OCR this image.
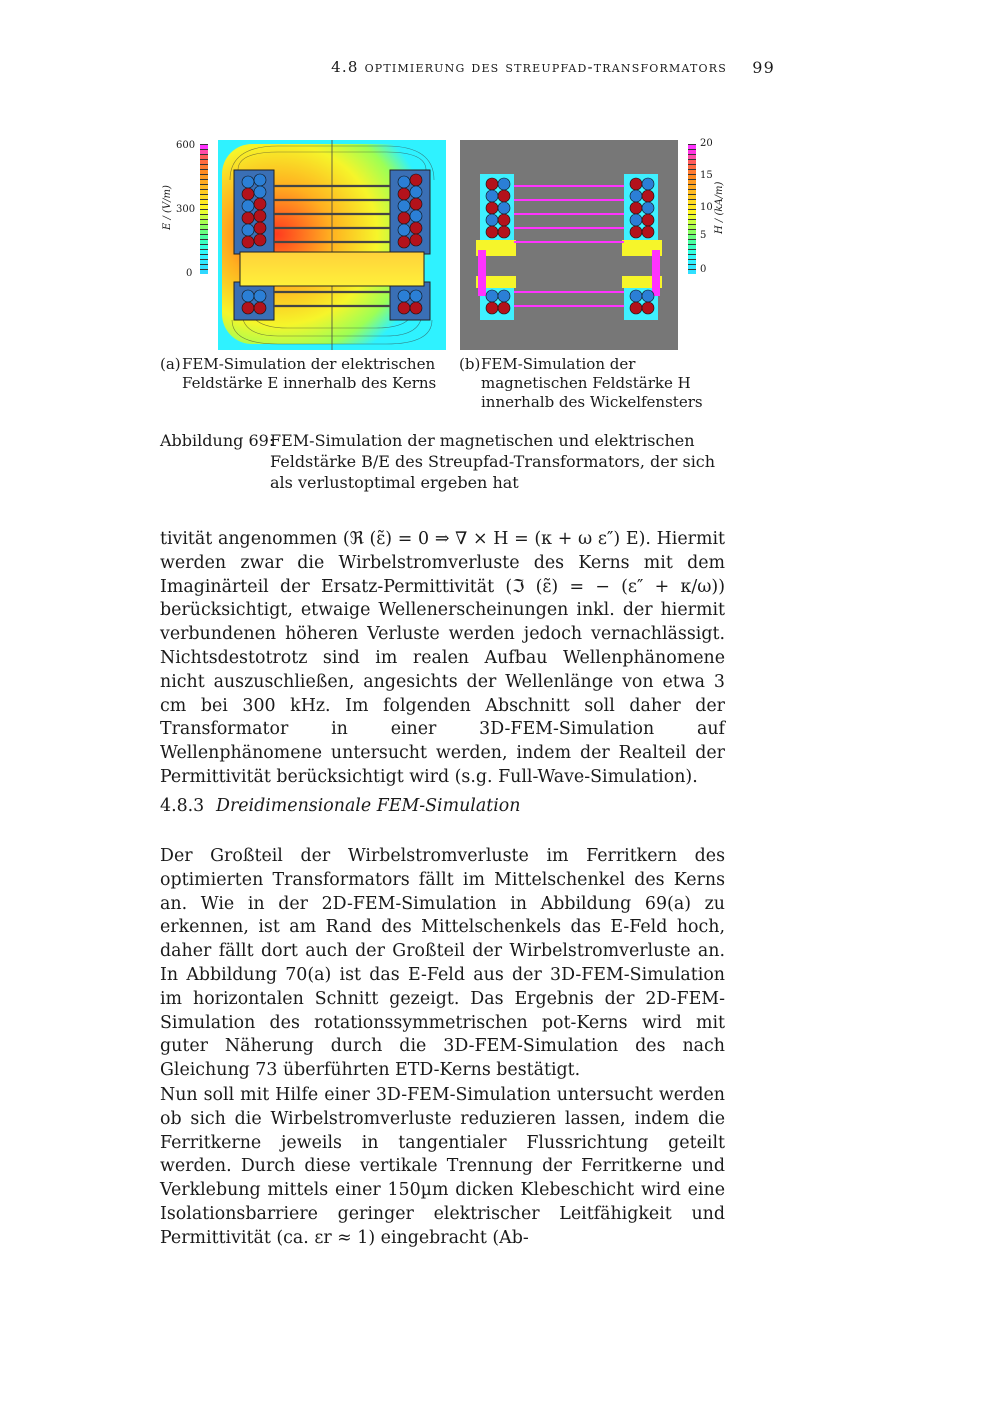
4.8 optimierung des streupfad-transformators 99
E / (V/m)
600
300
0
20
15
10
5
0
H / (kA/m)
(a) FEM-Simulation der elektrischen Feldstärke E innerhalb des Kerns
(b) FEM-Simulation der magnetischen Feldstärke H innerhalb des Wickelfensters
Abbildung 69:
FEM-Simulation der magnetischen und elektrischen Feldstärke B/E des Streupfad-Transformators, der sich als verlustoptimal ergeben hat

tivität angenommen (ℜ (ε̃) = 0 ⇒ ∇ × H = (κ + ω ε″) E). Hiermit werden zwar die Wirbelstromverluste des Kerns mit dem Imaginärteil der Ersatz-Permittivität (ℑ (ε̃) = − (ε″ + κ/ω)) berücksichtigt, etwaige Wellenerscheinungen inkl. der hiermit verbundenen höheren Verluste werden jedoch vernachlässigt. Nichtsdestotrotz sind im realen Aufbau Wellenphänomene nicht auszuschließen, angesichts der Wellenlänge von etwa 3 cm bei 300 kHz. Im folgenden Abschnitt soll daher der Transformator in einer 3D-FEM-Simulation auf Wellenphänomene untersucht werden, indem der Realteil der Permittivität berücksichtigt wird (s.g. Full-Wave-Simulation).

4.8.3 Dreidimensionale FEM-Simulation

Der Großteil der Wirbelstromverluste im Ferritkern des optimierten Transformators fällt im Mittelschenkel des Kerns an. Wie in der 2D-FEM-Simulation in Abbildung 69(a) zu erkennen, ist am Rand des Mittelschenkels das E-Feld hoch, daher fällt dort auch der Großteil der Wirbelstromverluste an. In Abbildung 70(a) ist das E-Feld aus der 3D-FEM-Simulation im horizontalen Schnitt gezeigt. Das Ergebnis der 2D-FEM-Simulation des rotationssymmetrischen pot-Kerns wird mit guter Näherung durch die 3D-FEM-Simulation des nach Gleichung 73 überführten ETD-Kerns bestätigt.

Nun soll mit Hilfe einer 3D-FEM-Simulation untersucht werden ob sich die Wirbelstromverluste reduzieren lassen, indem die Ferritkerne jeweils in tangentialer Flussrichtung geteilt werden. Durch diese vertikale Trennung der Ferritkerne und Verklebung mittels einer 150µm dicken Klebeschicht wird eine Isolationsbarriere geringer elektrischer Leitfähigkeit und Permittivität (ca. εr ≈ 1) eingebracht (Ab-
